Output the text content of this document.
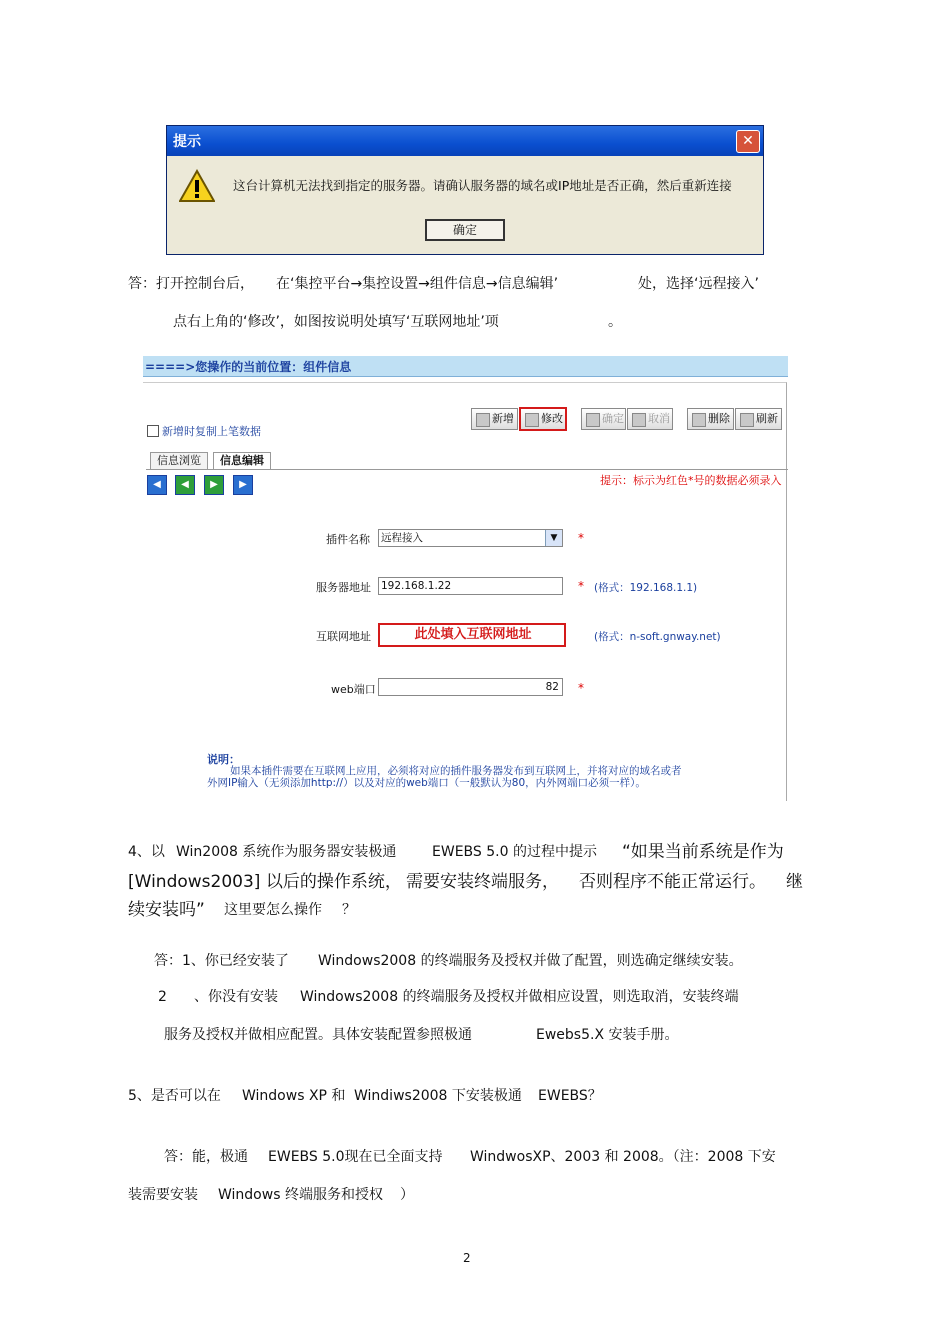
提示	✕
这台计算机无法找到指定的服务器。请确认服务器的域名或IP地址是否正确，然后重新连接
确定
答：打开控制台后， 在‘集控平台→集控设置→组件信息→信息编辑’	处，选择‘远程接入’
点右上角的‘修改’，如图按说明处填写‘互联网地址’项	。
====>您操作的当前位置：组件信息
新增时复制上笔数据
新增	修改	确定	取消	删除	刷新
信息浏览	信息编辑
◀	◀	▶	▶	提示：标示为红色*号的数据必须录入
插件名称 远程接入	▼	*
服务器地址 192.168.1.22	* (格式：192.168.1.1)
互联网地址	此处填入互联网地址	(格式：n-soft.gnway.net)
web端口	82	*
说明：
如果本插件需要在互联网上应用，必须将对应的插件服务器发布到互联网上，并将对应的域名或者
外网IP输入（无须添加http://）以及对应的web端口（一般默认为80，内外网端口必须一样）。
4、以 Win2008 系统作为服务器安装极通	EWEBS 5.0 的过程中提示 “如果当前系统是作为
[Windows2003] 以后的操作系统， 需要安装终端服务， 否则程序不能正常运行。 继
续安装吗” 这里要怎么操作 ？
答：1、你已经安装了 Windows2008 的终端服务及授权并做了配置，则选确定继续安装。
2 、你没有安装 Windows2008 的终端服务及授权并做相应设置，则选取消，安装终端
服务及授权并做相应配置。具体安装配置参照极通	Ewebs5.X 安装手册。
5、是否可以在 Windows XP 和 Windiws2008 下安装极通 EWEBS？
答：能，极通 EWEBS 5.0现在已全面支持 WindwosXP、2003 和 2008。（注：2008 下安
装需要安装 Windows 终端服务和授权 ）
2
